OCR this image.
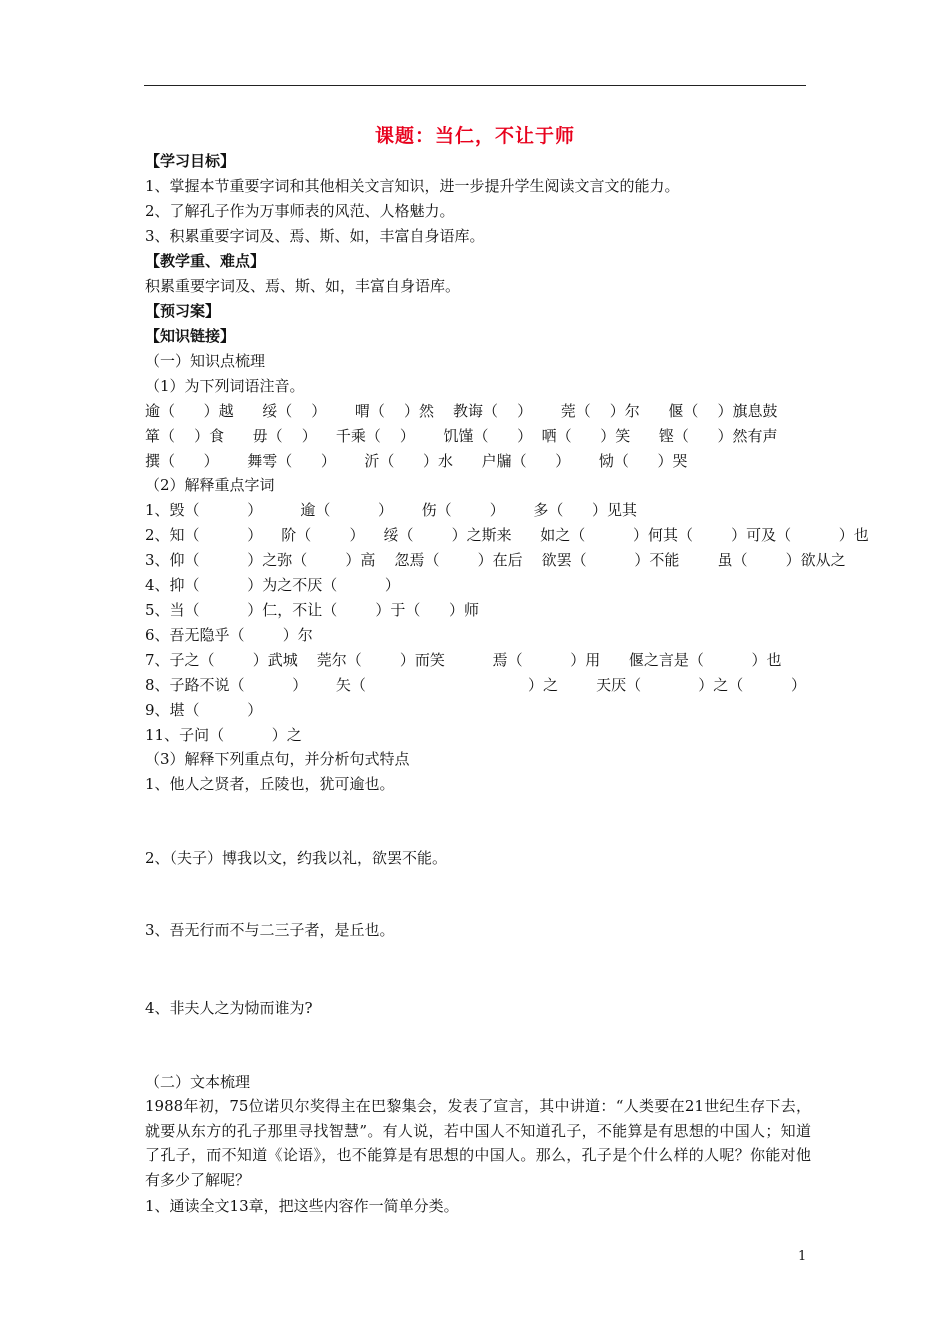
课题：当仁，不让于师
【学习目标】
1、掌握本节重要字词和其他相关文言知识，进一步提升学生阅读文言文的能力。
2、了解孔子作为万事师表的风范、人格魅力。
3、积累重要字词及、焉、斯、如，丰富自身语库。
【教学重、难点】
积累重要字词及、焉、斯、如，丰富自身语库。
【预习案】
【知识链接】
（一）知识点梳理
（1）为下列词语注音。
逾（      ）越      绥（    ）      喟（    ）然    教诲（    ）      莞（    ）尔      偃（    ）旗息鼓
箪（    ）食      毋（    ）    千乘（    ）      饥馑（      ）  哂（      ）笑      铿（      ）然有声
撰（      ）      舞雩（      ）      沂（      ）水      户牖（      ）      恸（      ）哭
（2）解释重点字词
1、毁（          ）        逾（          ）      伤（        ）      多（      ）见其
2、知（          ）    阶（        ）    绥（        ）之斯来      如之（          ）何其（        ）可及（          ）也
3、仰（          ）之弥（        ）高    忽焉（        ）在后    欲罢（          ）不能        虽（        ）欲从之
4、抑（          ）为之不厌（          ）
5、当（          ）仁，不让（        ）于（      ）师
6、吾无隐乎（        ）尔
7、子之（        ）武城    莞尔（        ）而笑          焉（          ）用      偃之言是（          ）也
8、子路不说（          ）      矢（                                  ）之        天厌（            ）之（          ）
9、堪（          ）
11、子问（          ）之
（3）解释下列重点句，并分析句式特点
1、他人之贤者，丘陵也，犹可逾也。
2、（夫子）博我以文，约我以礼，欲罢不能。
3、吾无行而不与二三子者，是丘也。
4、非夫人之为恸而谁为?
（二）文本梳理
1988年初，75位诺贝尔奖得主在巴黎集会，发表了宣言，其中讲道：“人类要在21世纪生存下去，就要从东方的孔子那里寻找智慧”。有人说，若中国人不知道孔子，不能算是有思想的中国人；知道了孔子，而不知道《论语》，也不能算是有思想的中国人。那么，孔子是个什么样的人呢？你能对他有多少了解呢？
1、通读全文13章，把这些内容作一简单分类。
1
